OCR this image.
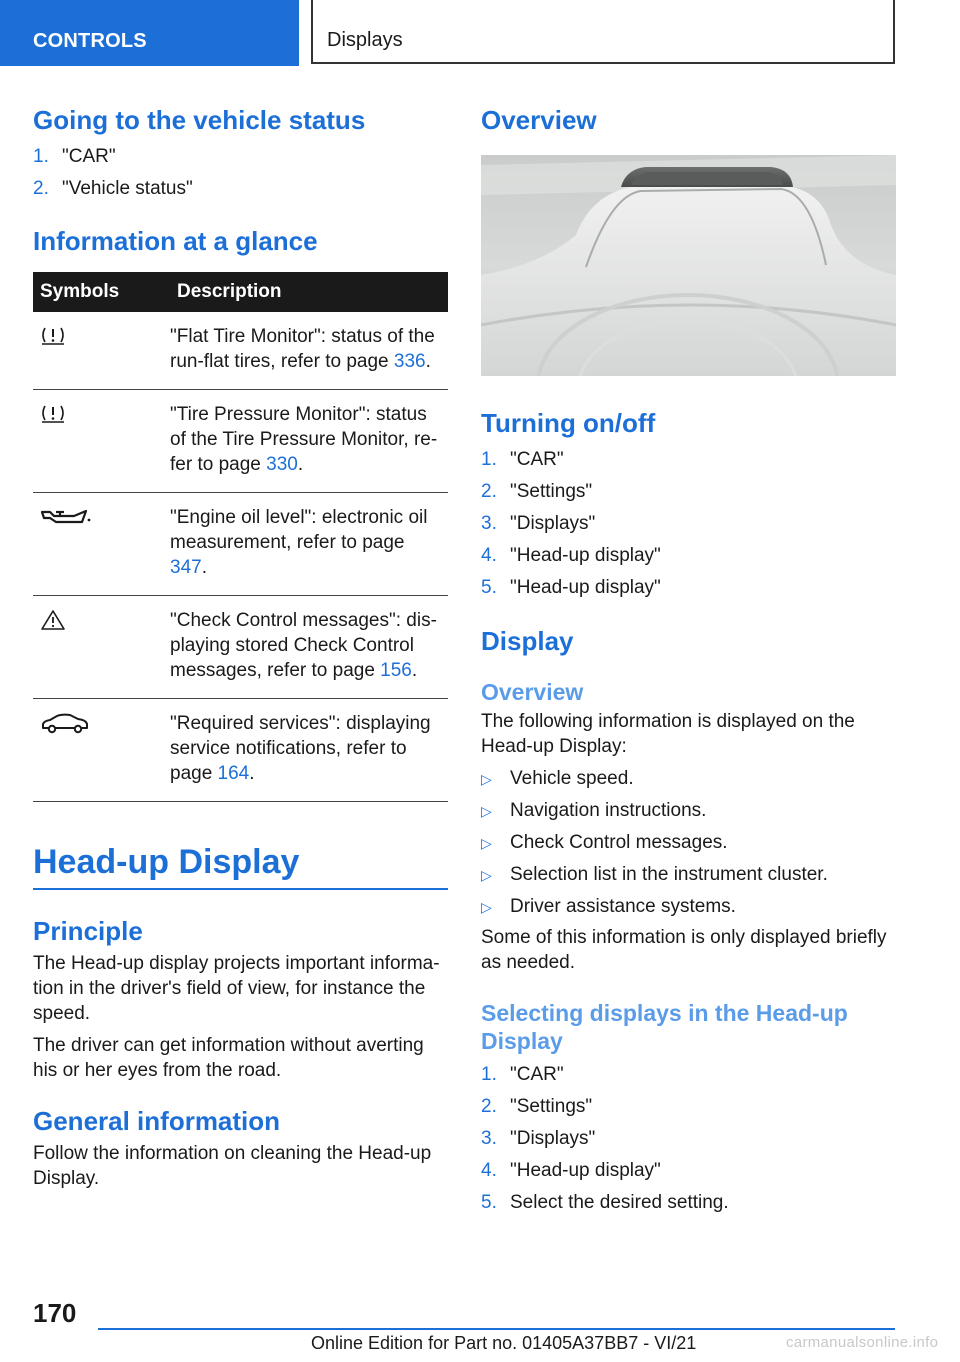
CONTROLS	Displays
Going to the vehicle status
1. "CAR"
2. "Vehicle status"
Information at a glance
Symbols	Description

	"Flat Tire Monitor": status of the run-flat tires, refer to page 336.

	"Tire Pressure Monitor": status of the Tire Pressure Monitor, re-fer to page 330.

	"Engine oil level": electronic oil measurement, refer to page 347.

	"Check Control messages": dis-playing stored Check Control messages, refer to page 156.

	"Required services": displaying service notifications, refer to page 164.
Head-up Display
Principle

The Head-up display projects important informa-tion in the driver's field of view, for instance the speed.

The driver can get information without averting his or her eyes from the road.

General information

Follow the information on cleaning the Head-up Display.

Overview
Turning on/off
1. "CAR"
2. "Settings"
3. "Displays"
4. "Head-up display"
5. "Head-up display"
Display
Overview

The following information is displayed on the Head-up Display:

▷ Vehicle speed.
▷ Navigation instructions.
▷ Check Control messages.
▷ Selection list in the instrument cluster.
▷ Driver assistance systems.

Some of this information is only displayed briefly as needed.

Selecting displays in the Head-up Display
1. "CAR"
2. "Settings"
3. "Displays"
4. "Head-up display"
5. Select the desired setting.
170
Online Edition for Part no. 01405A37BB7 - VI/21	carmanualsonline.info
